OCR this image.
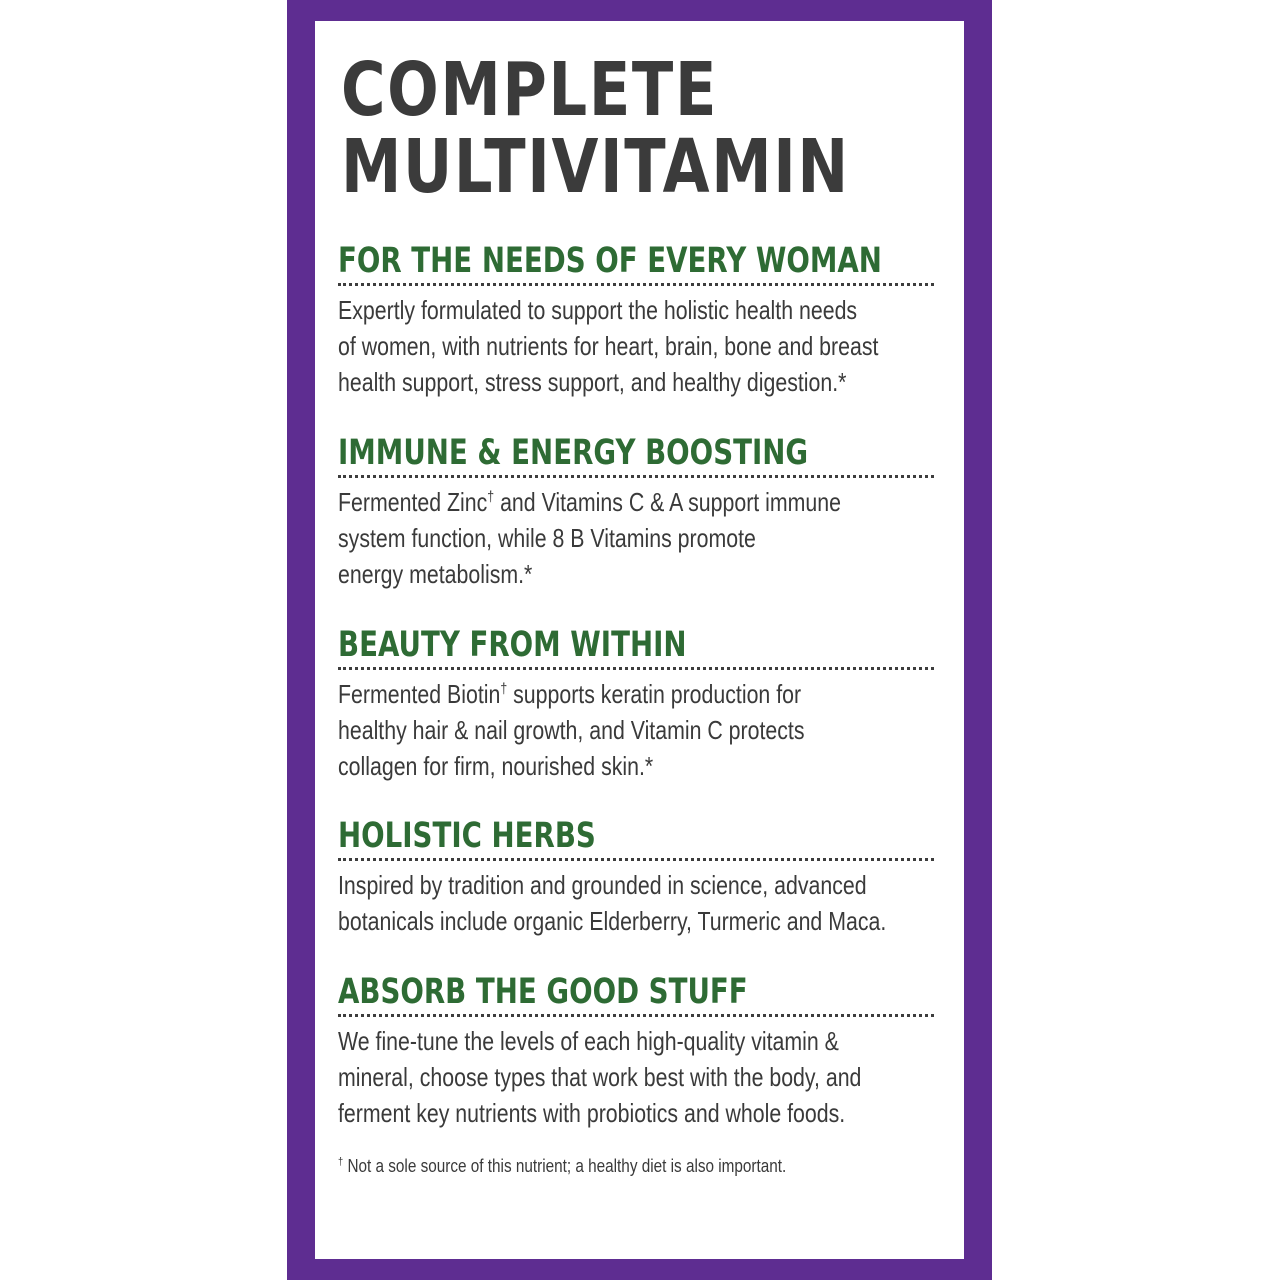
COMPLETE
MULTIVITAMIN
FOR THE NEEDS OF EVERY WOMAN

Expertly formulated to support the holistic health needs
of women, with nutrients for heart, brain, bone and breast
health support, stress support, and healthy digestion.*

IMMUNE & ENERGY BOOSTING

Fermented Zinc† and Vitamins C & A support immune
system function, while 8 B Vitamins promote
energy metabolism.*

BEAUTY FROM WITHIN

Fermented Biotin† supports keratin production for
healthy hair & nail growth, and Vitamin C protects
collagen for firm, nourished skin.*

HOLISTIC HERBS

Inspired by tradition and grounded in science, advanced
botanicals include organic Elderberry, Turmeric and Maca.

ABSORB THE GOOD STUFF

We fine-tune the levels of each high-quality vitamin &
mineral, choose types that work best with the body, and
ferment key nutrients with probiotics and whole foods.

† Not a sole source of this nutrient; a healthy diet is also important.
